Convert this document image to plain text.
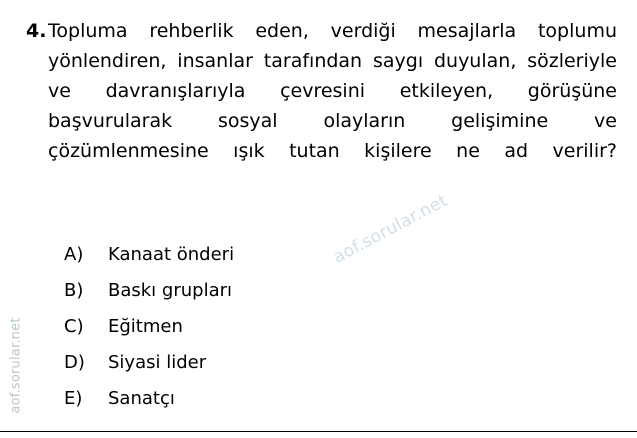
4. Topluma rehberlik eden, verdiği mesajlarla toplumu yönlendiren, insanlar tarafından saygı duyulan, sözleriyle ve davranışlarıyla çevresini etkileyen, görüşüne başvurularak sosyal olayların gelişimine ve çözümlenmesine ışık tutan kişilere ne ad verilir?
A)	Kanaat önderi
B)	Baskı grupları
C)	Eğitmen
D)	Siyasi lider
E)	Sanatçı
aof.sorular.net
aof.sorular.net
